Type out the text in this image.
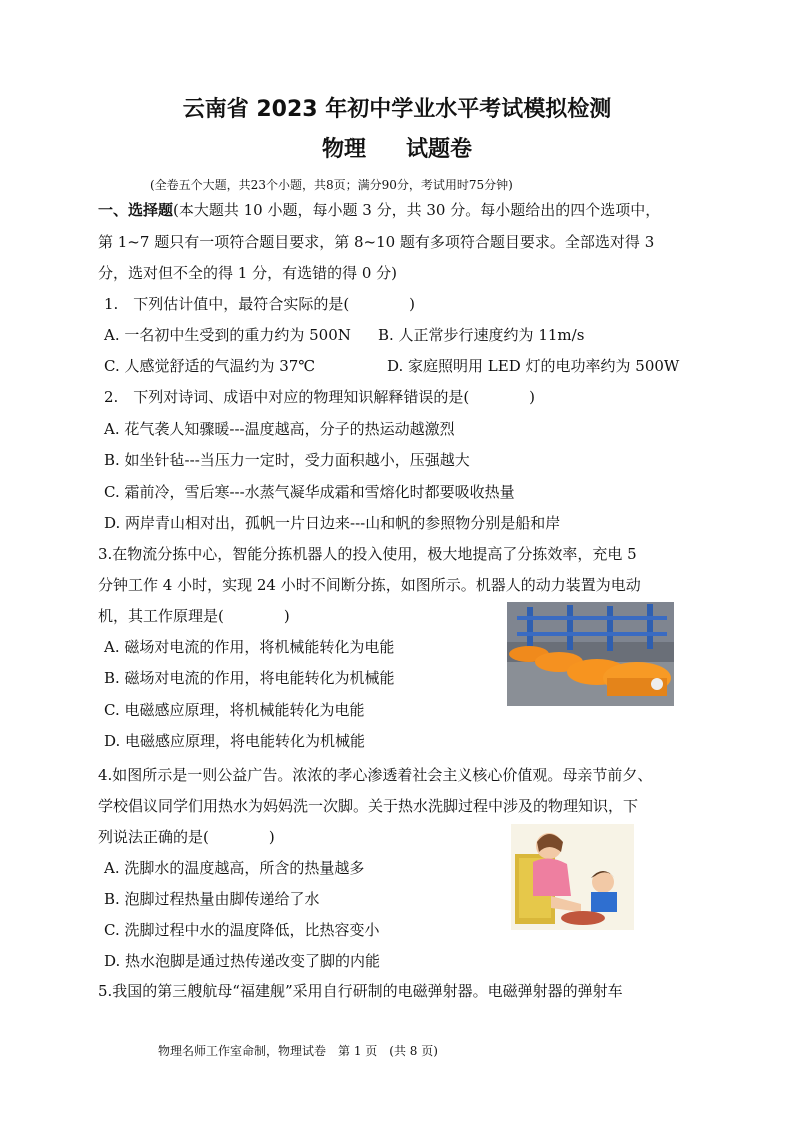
云南省 2023 年初中学业水平考试模拟检测
物理 试题卷
(全卷五个大题，共23个小题，共8页；满分90分，考试用时75分钟)
一、选择题(本大题共 10 小题，每小题 3 分，共 30 分。每小题给出的四个选项中，
第 1~7 题只有一项符合题目要求，第 8~10 题有多项符合题目要求。全部选对得 3
分，选对但不全的得 1 分，有选错的得 0 分)
1.　下列估计值中，最符合实际的是(　　　　)
A. 一名初中生受到的重力约为 500N B. 人正常步行速度约为 11m/s
C. 人感觉舒适的气温约为 37℃	D. 家庭照明用 LED 灯的电功率约为 500W
2.　下列对诗词、成语中对应的物理知识解释错误的是(　　　　)
A. 花气袭人知骤暖---温度越高，分子的热运动越激烈
B. 如坐针毡---当压力一定时，受力面积越小，压强越大
C. 霜前冷，雪后寒---水蒸气凝华成霜和雪熔化时都要吸收热量
D. 两岸青山相对出，孤帆一片日边来---山和帆的参照物分别是船和岸
3.在物流分拣中心，智能分拣机器人的投入使用，极大地提高了分拣效率，充电 5
分钟工作 4 小时，实现 24 小时不间断分拣，如图所示。机器人的动力装置为电动
机，其工作原理是(　　　　)
A. 磁场对电流的作用，将机械能转化为电能
B. 磁场对电流的作用，将电能转化为机械能
C. 电磁感应原理，将机械能转化为电能
D. 电磁感应原理，将电能转化为机械能
4.如图所示是一则公益广告。浓浓的孝心渗透着社会主义核心价值观。母亲节前夕、
学校倡议同学们用热水为妈妈洗一次脚。关于热水洗脚过程中涉及的物理知识，下
列说法正确的是(　　　　)
A. 洗脚水的温度越高，所含的热量越多
B. 泡脚过程热量由脚传递给了水
C. 洗脚过程中水的温度降低，比热容变小
D. 热水泡脚是通过热传递改变了脚的内能
5.我国的第三艘航母“福建舰”采用自行研制的电磁弹射器。电磁弹射器的弹射车
物理名师工作室命制，物理试卷　第 1 页　(共 8 页)
